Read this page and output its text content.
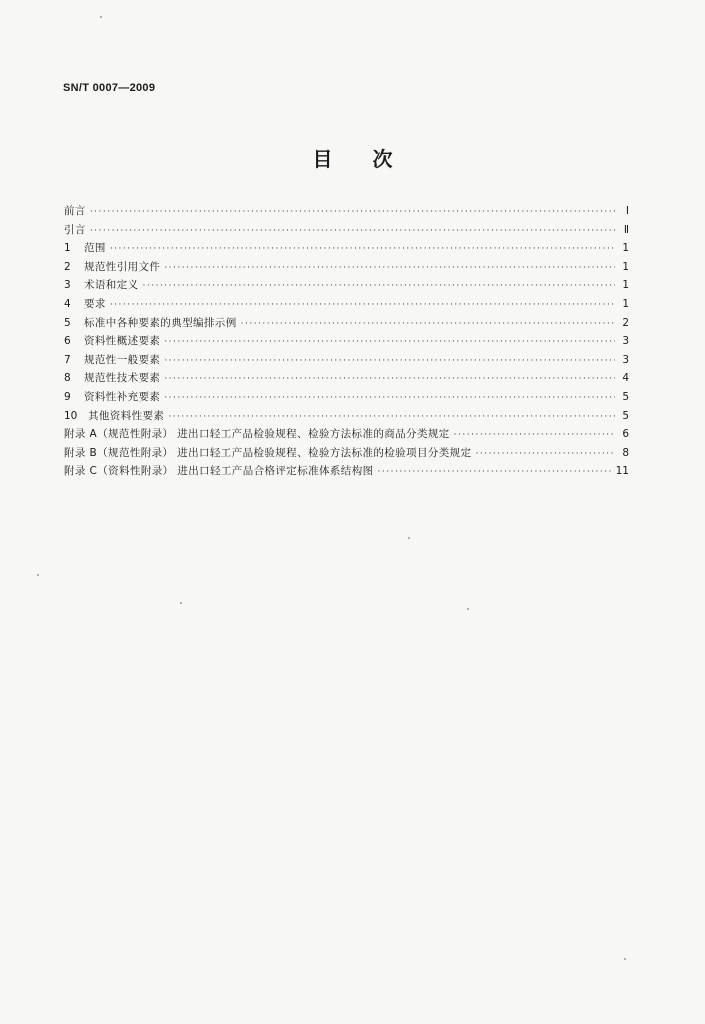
SN/T 0007—2009
目 次
前言 ·····	Ⅰ
引言 ·····	Ⅱ
1	范围 ·····	1
2	规范性引用文件 ·····	1
3	术语和定义 ·····	1
4	要求 ·····	1
5	标准中各种要素的典型编排示例 ·····	2
6	资料性概述要素 ·····	3
7	规范性一般要素 ·····	3
8	规范性技术要素 ·····	4
9	资料性补充要素 ·····	5
10	其他资料性要素 ·····	5
附录 A（规范性附录） 进出口轻工产品检验规程、检验方法标准的商品分类规定 ·····	6
附录 B（规范性附录） 进出口轻工产品检验规程、检验方法标准的检验项目分类规定 ·····	8
附录 C（资料性附录） 进出口轻工产品合格评定标准体系结构图 ·····	11
